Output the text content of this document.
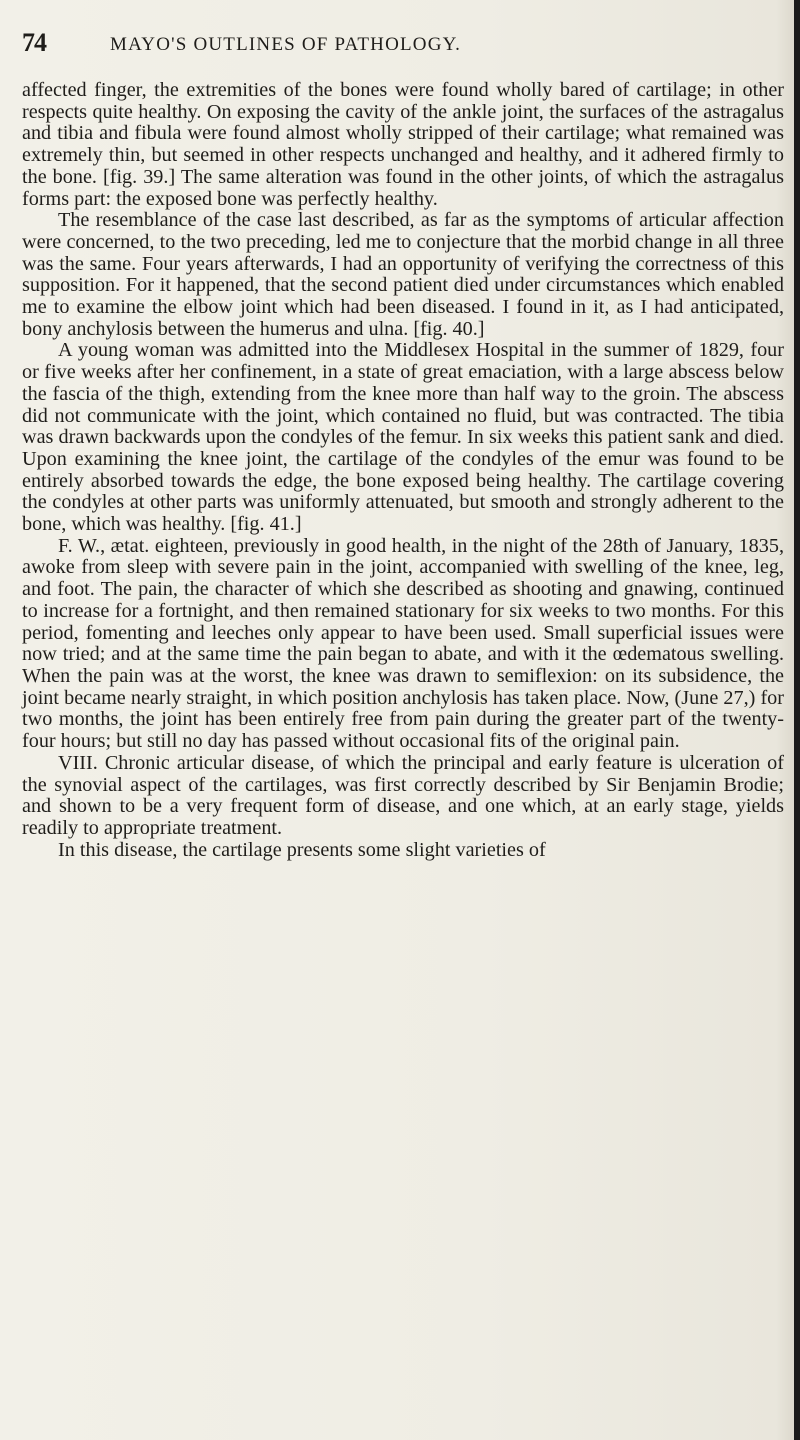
74	MAYO'S OUTLINES OF PATHOLOGY.

affected finger, the extremities of the bones were found wholly bared of cartilage; in other respects quite healthy. On exposing the cavity of the ankle joint, the surfaces of the astragalus and tibia and fibula were found almost wholly stripped of their cartilage; what remained was extremely thin, but seemed in other respects unchanged and healthy, and it adhered firmly to the bone. [fig. 39.] The same alteration was found in the other joints, of which the astragalus forms part: the exposed bone was perfectly healthy.

The resemblance of the case last described, as far as the symptoms of articular affection were concerned, to the two preceding, led me to conjecture that the morbid change in all three was the same. Four years afterwards, I had an opportunity of verifying the correctness of this supposition. For it happened, that the second patient died under circumstances which enabled me to examine the elbow joint which had been diseased. I found in it, as I had anticipated, bony anchylosis between the humerus and ulna. [fig. 40.]

A young woman was admitted into the Middlesex Hospital in the summer of 1829, four or five weeks after her confinement, in a state of great emaciation, with a large abscess below the fascia of the thigh, extending from the knee more than half way to the groin. The abscess did not communicate with the joint, which contained no fluid, but was contracted. The tibia was drawn backwards upon the condyles of the femur. In six weeks this patient sank and died. Upon examining the knee joint, the cartilage of the condyles of the emur was found to be entirely absorbed towards the edge, the bone exposed being healthy. The cartilage covering the condyles at other parts was uniformly attenuated, but smooth and strongly adherent to the bone, which was healthy. [fig. 41.]

F. W., ætat. eighteen, previously in good health, in the night of the 28th of January, 1835, awoke from sleep with severe pain in the joint, accompanied with swelling of the knee, leg, and foot. The pain, the character of which she described as shooting and gnawing, continued to increase for a fortnight, and then remained stationary for six weeks to two months. For this period, fomenting and leeches only appear to have been used. Small superficial issues were now tried; and at the same time the pain began to abate, and with it the œdematous swelling. When the pain was at the worst, the knee was drawn to semiflexion: on its subsidence, the joint became nearly straight, in which position anchylosis has taken place. Now, (June 27,) for two months, the joint has been entirely free from pain during the greater part of the twenty-four hours; but still no day has passed without occasional fits of the original pain.

VIII. Chronic articular disease, of which the principal and early feature is ulceration of the synovial aspect of the cartilages, was first correctly described by Sir Benjamin Brodie; and shown to be a very frequent form of disease, and one which, at an early stage, yields readily to appropriate treatment.

In this disease, the cartilage presents some slight varieties of
